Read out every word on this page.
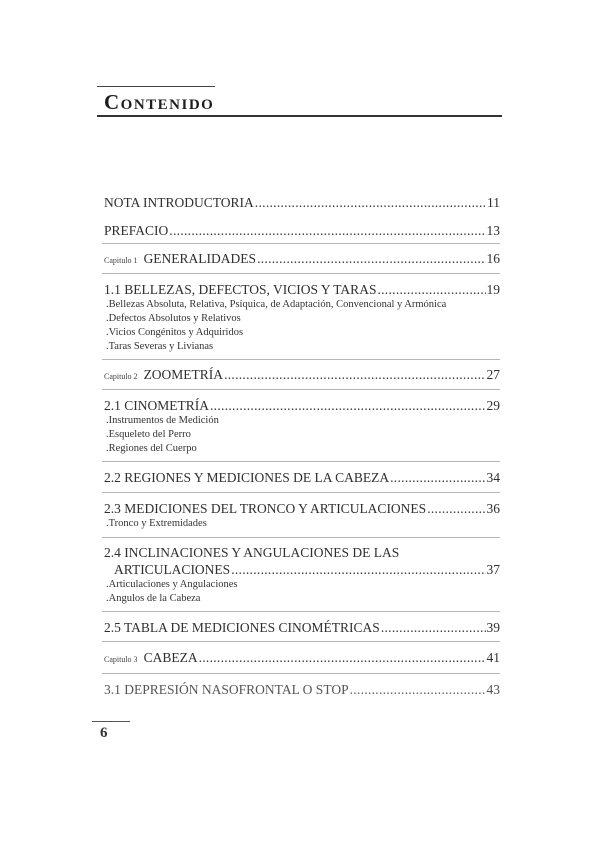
Contenido
NOTA INTRODUCTORIA .....	11
PREFACIO .....	13
Capitulo 1 GENERALIDADES .....	16
1.1 BELLEZAS, DEFECTOS, VICIOS Y TARAS .....	19
.Bellezas Absoluta, Relativa, Psíquica, de Adaptación, Convencional y Armónica
.Defectos Absolutos y Relativos
.Vicios Congénitos y Adquiridos
.Taras Severas y Livianas
Capitulo 2 ZOOMETRÍA .....	27
2.1 CINOMETRÍA .....	29
.Instrumentos de Medición
.Esqueleto del Perro
.Regiones del Cuerpo
2.2 REGIONES Y MEDICIONES DE LA CABEZA .....	34
2.3 MEDICIONES DEL TRONCO Y ARTICULACIONES .....	36
.Tronco y Extremidades
2.4 INCLINACIONES Y ANGULACIONES DE LAS
ARTICULACIONES .....	37
.Articulaciones y Angulaciones
.Angulos de la Cabeza
2.5 TABLA DE MEDICIONES CINOMÉTRICAS .....	39
Capitulo 3 CABEZA .....	41
3.1 DEPRESIÓN NASOFRONTAL O STOP .....	43
6
